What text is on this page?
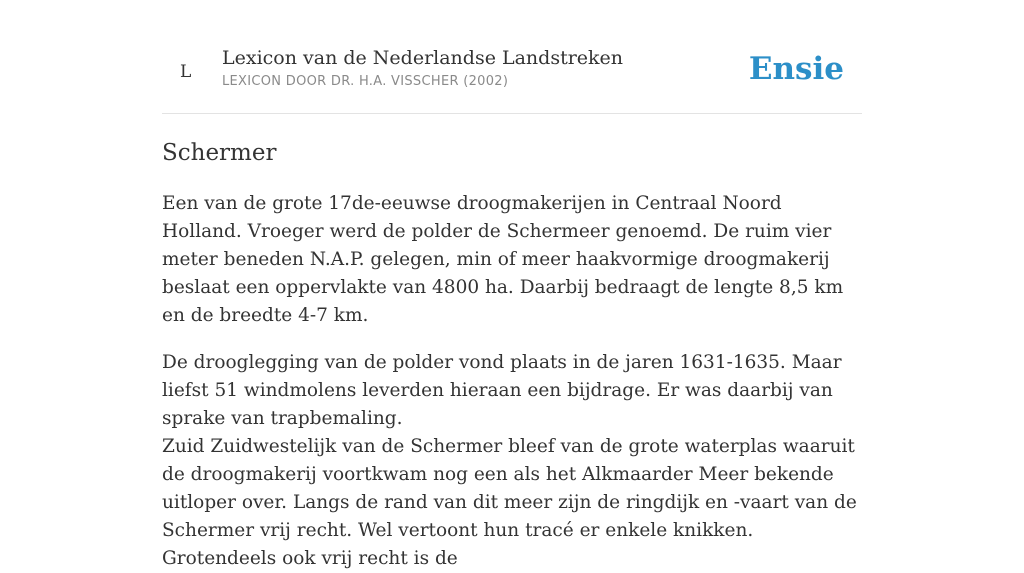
L
Lexicon van de Nederlandse Landstreken
LEXICON DOOR DR. H.A. VISSCHER (2002)	Ensie
Schermer

Een van de grote 17de-eeuwse droogmakerijen in Centraal Noord Holland. Vroeger werd de polder de Schermeer genoemd. De ruim vier meter beneden N.A.P. gelegen, min of meer haakvormige droogmakerij beslaat een oppervlakte van 4800 ha. Daarbij bedraagt de lengte 8,5 km en de breedte 4-7 km.

De drooglegging van de polder vond plaats in de jaren 1631-1635. Maar liefst 51 windmolens leverden hieraan een bijdrage. Er was daarbij van sprake van trapbemaling.

Zuid Zuidwestelijk van de Schermer bleef van de grote waterplas waaruit de droogmakerij voortkwam nog een als het Alkmaarder Meer bekende uitloper over. Langs de rand van dit meer zijn de ringdijk en -vaart van de Schermer vrij recht. Wel vertoont hun tracé er enkele knikken. Grotendeels ook vrij recht is de
